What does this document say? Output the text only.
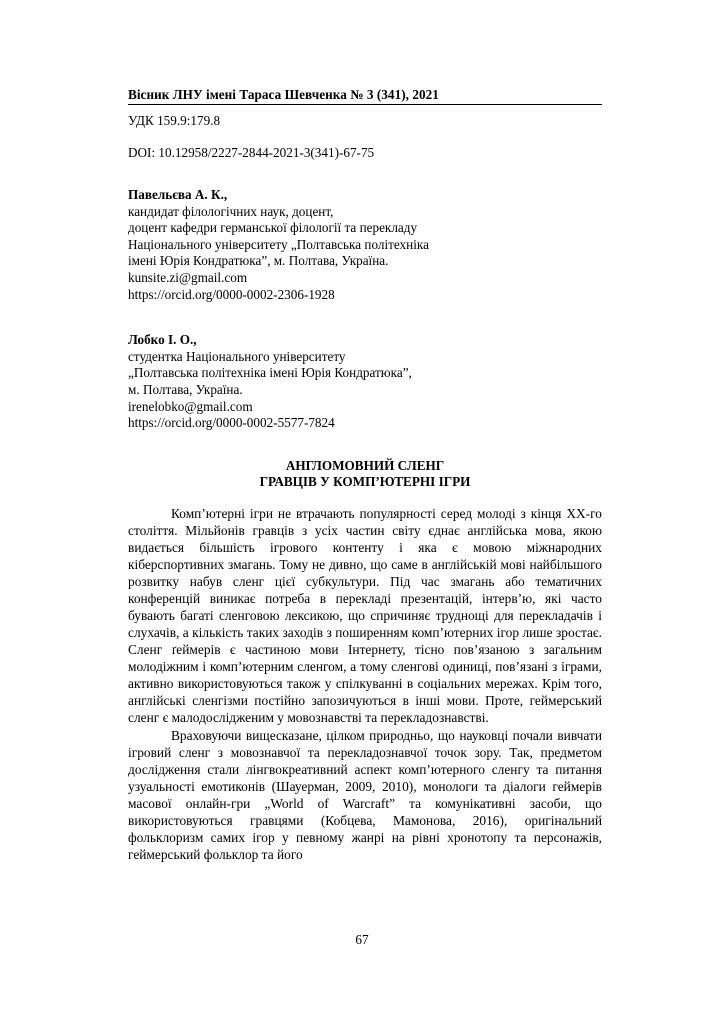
Вісник ЛНУ імені Тараса Шевченка № 3 (341), 2021
УДК 159.9:179.8
DOI: 10.12958/2227-2844-2021-3(341)-67-75
Павельєва А. К.,
кандидат філологічних наук, доцент,
доцент кафедри германської філології та перекладу
Національного університету „Полтавська політехніка
імені Юрія Кондратюка”, м. Полтава, Україна.
kunsite.zi@gmail.com
https://orcid.org/0000-0002-2306-1928
Лобко І. О.,
студентка Національного університету
„Полтавська політехніка імені Юрія Кондратюка”,
м. Полтава, Україна.
irenelobko@gmail.com
https://orcid.org/0000-0002-5577-7824
АНГЛОМОВНИЙ СЛЕНГ
ГРАВЦІВ У КОМП’ЮТЕРНІ ІГРИ

Комп’ютерні ігри не втрачають популярності серед молоді з кінця ХХ-го століття. Мільйонів гравців з усіх частин світу єднає англійська мова, якою видається більшість ігрового контенту і яка є мовою міжнародних кіберспортивних змагань. Тому не дивно, що саме в англійській мові найбільшого розвитку набув сленг цієї субкультури. Під час змагань або тематичних конференцій виникає потреба в перекладі презентацій, інтерв’ю, які часто бувають багаті сленговою лексикою, що спричиняє труднощі для перекладачів і слухачів, а кількість таких заходів з поширенням комп’ютерних ігор лише зростає. Сленг ґеймерів є частиною мови Інтернету, тісно пов’язаною з загальним молодіжним і комп’ютерним сленгом, а тому сленгові одиниці, пов’язані з іграми, активно використовуються також у спілкуванні в соціальних мережах. Крім того, англійські сленгізми постійно запозичуються в інші мови. Проте, геймерський сленг є малодослідженим у мовознавстві та перекладознавстві.

Враховуючи вищесказане, цілком природньо, що науковці почали вивчати ігровий сленг з мовознавчої та перекладознавчої точок зору. Так, предметом дослідження стали лінгвокреативний аспект комп’ютерного сленгу та питання узуальності емотиконів (Шауерман, 2009, 2010), монологи та діалоги геймерів масової онлайн-гри „World of Warcraft” та комунікативні засоби, що використовуються гравцями (Кобцева, Мамонова, 2016), оригінальний фольклоризм самих ігор у певному жанрі на рівні хронотопу та персонажів, геймерський фольклор та його

67
